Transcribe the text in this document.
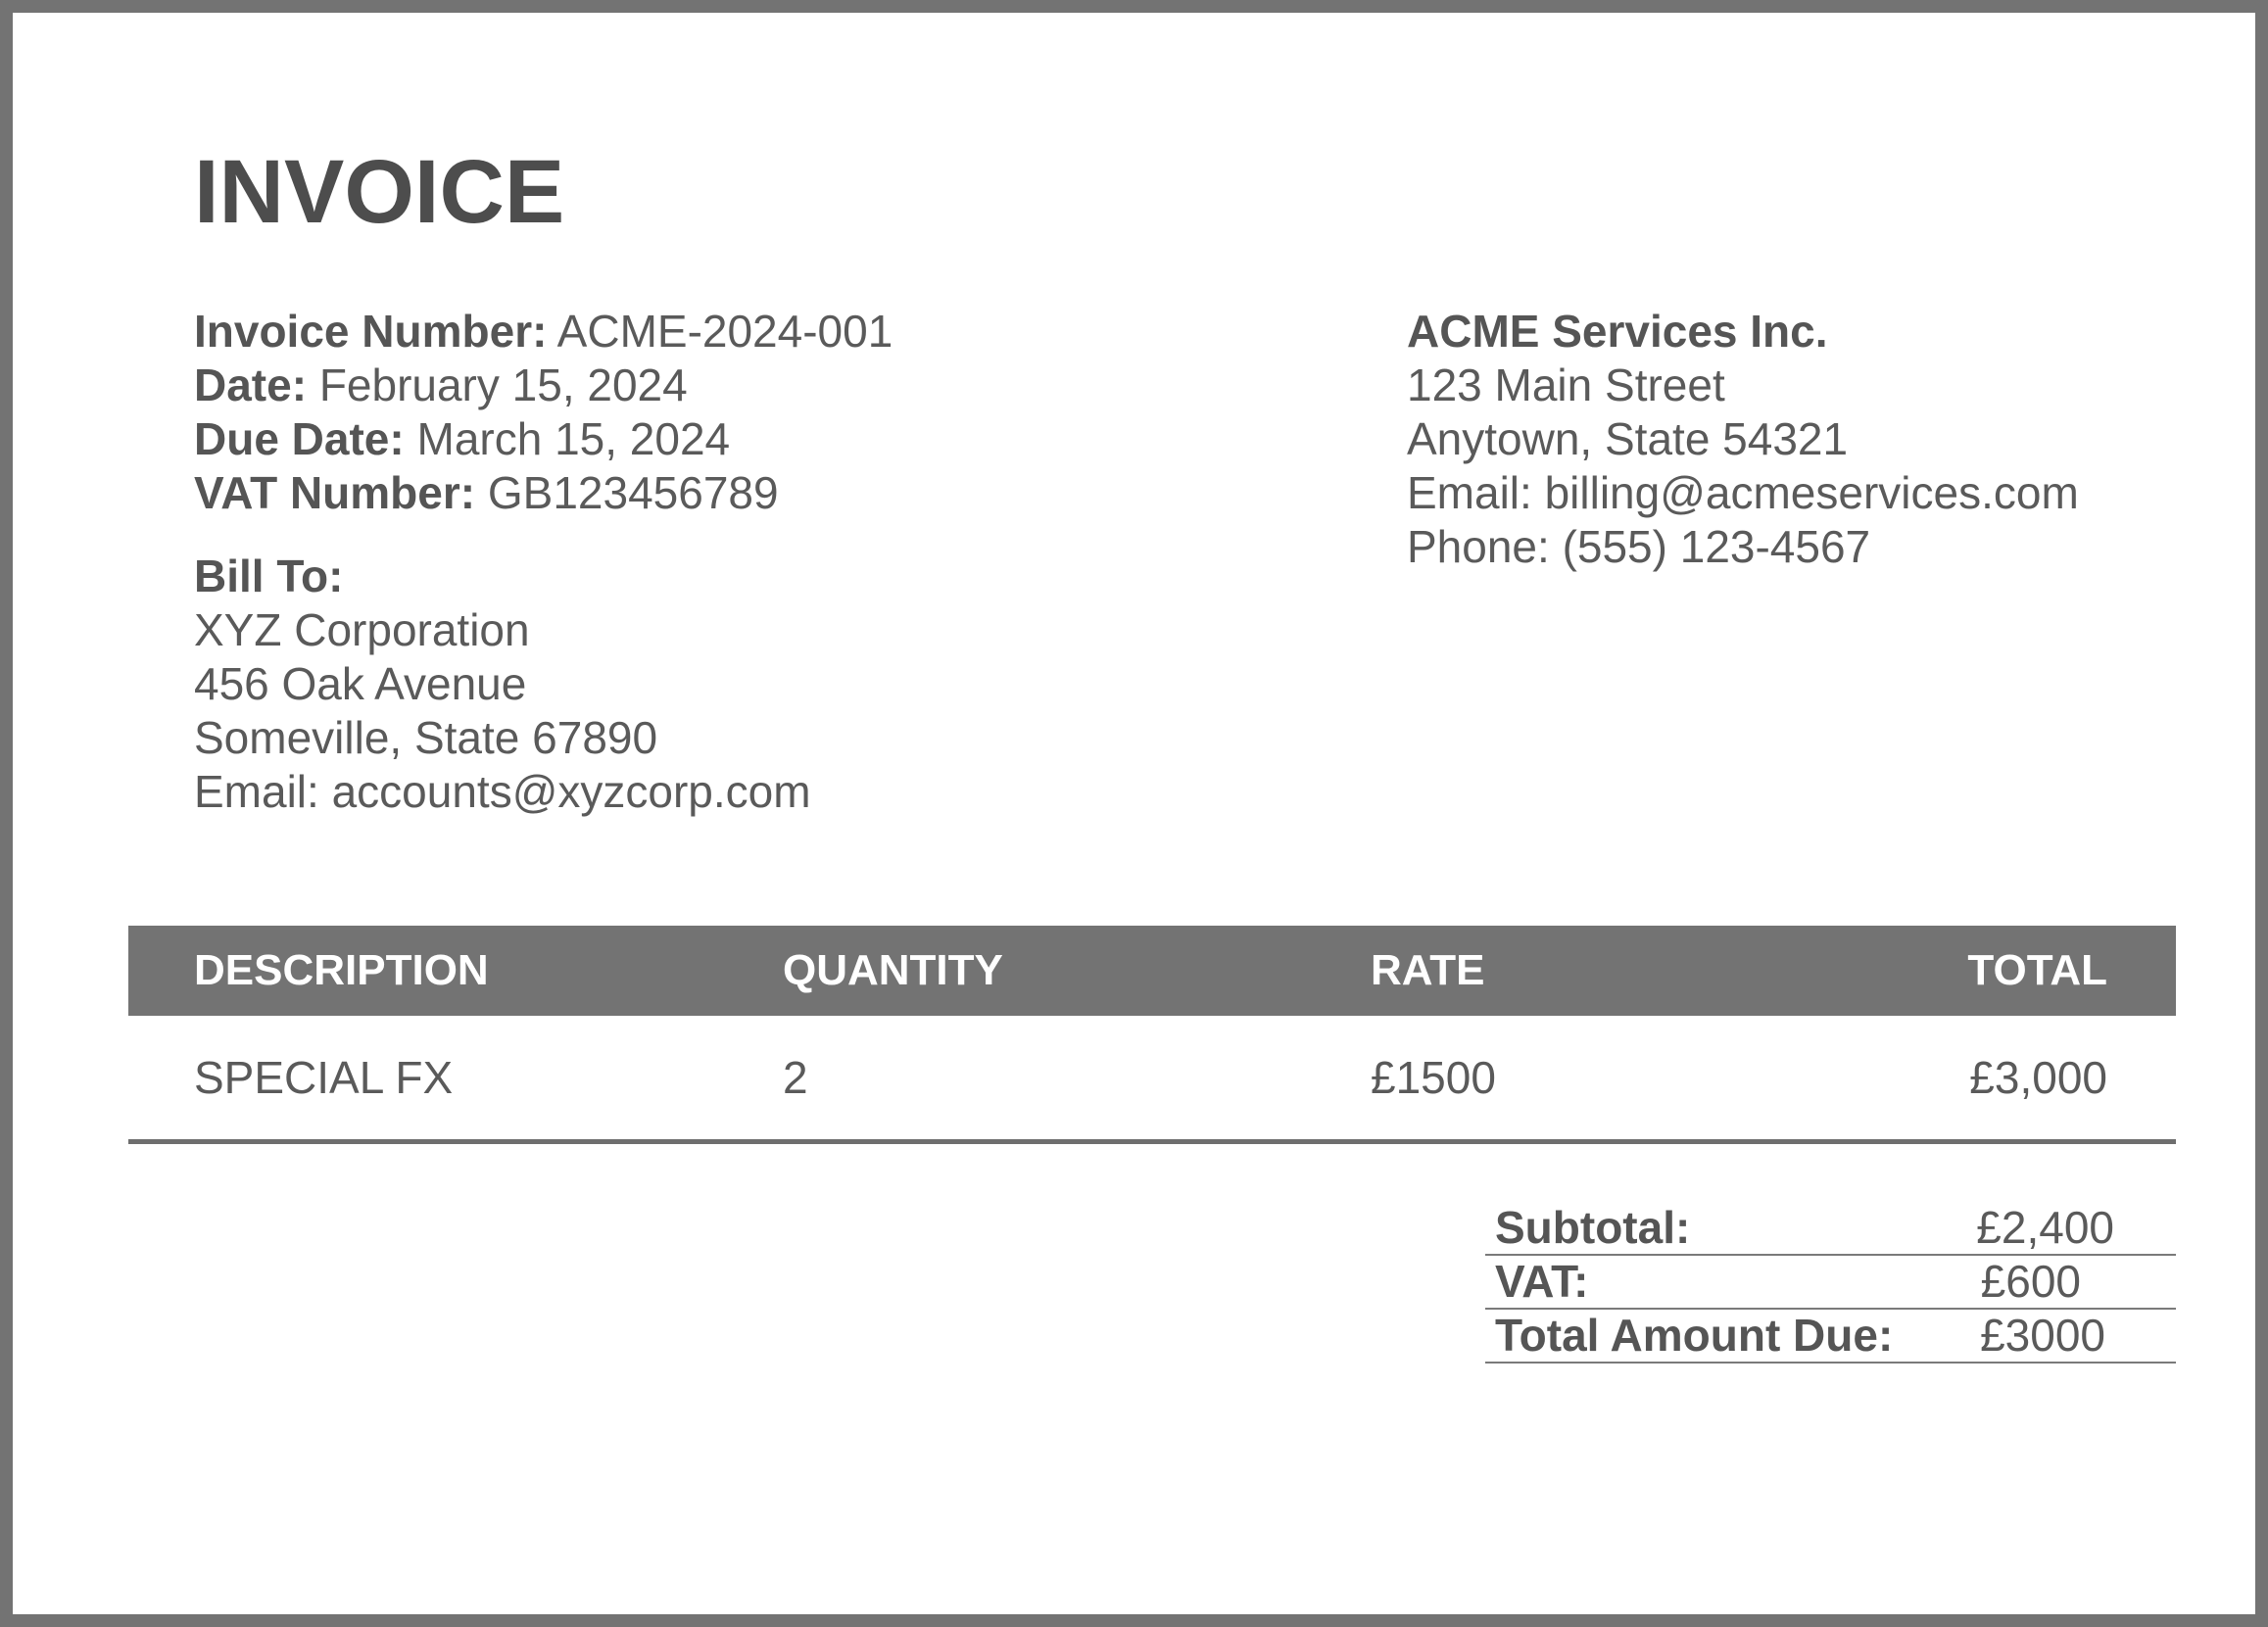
INVOICE
Invoice Number: ACME-2024-001
Date: February 15, 2024
Due Date: March 15, 2024
VAT Number: GB123456789
Bill To:
XYZ Corporation
456 Oak Avenue
Someville, State 67890
Email: accounts@xyzcorp.com
ACME Services Inc.
123 Main Street
Anytown, State 54321
Email: billing@acmeservices.com
Phone: (555) 123-4567
DESCRIPTION	QUANTITY	RATE	TOTAL
SPECIAL FX	2	£1500	£3,000
Subtotal:	£2,400
VAT:	£600
Total Amount Due: £3000
